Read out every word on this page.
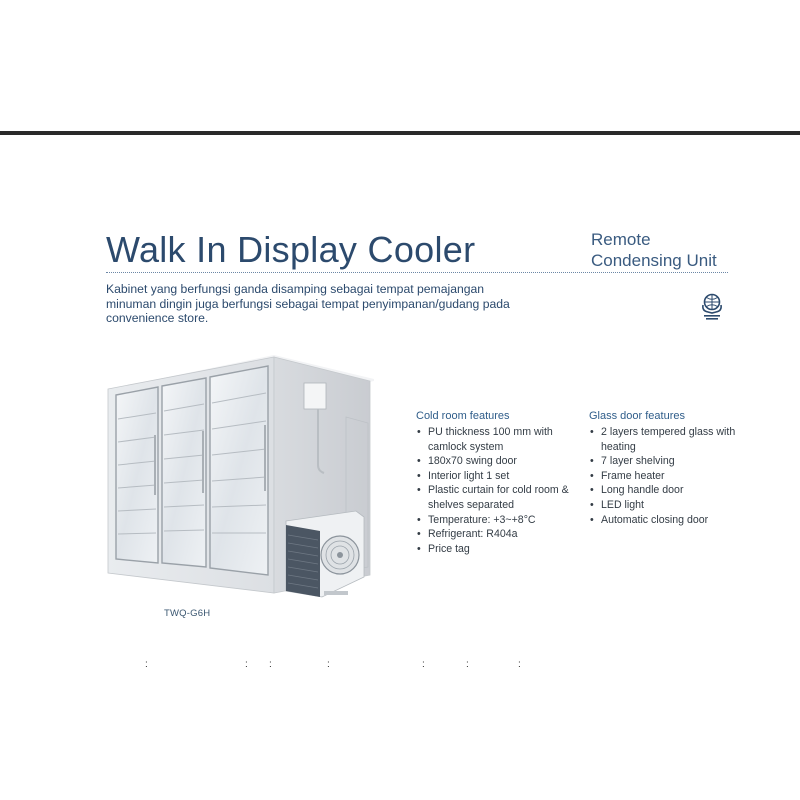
Walk In Display Cooler	Remote
Condensing Unit
Kabinet yang berfungsi ganda disamping sebagai tempat pemajangan minuman dingin juga berfungsi sebagai tempat penyimpanan/gudang pada convenience store.
TWQ-G6H
Cold room features
• PU thickness 100 mm with camlock system
• 180x70 swing door
• Interior light 1 set
• Plastic curtain for cold room & shelves separated
• Temperature: +3~+8°C
• Refrigerant: R404a
• Price tag
Glass door features
• 2 layers tempered glass with heating
• 7 layer shelving
• Frame heater
• Long handle door
• LED light
• Automatic closing door
:	: :	:	:	:	:
